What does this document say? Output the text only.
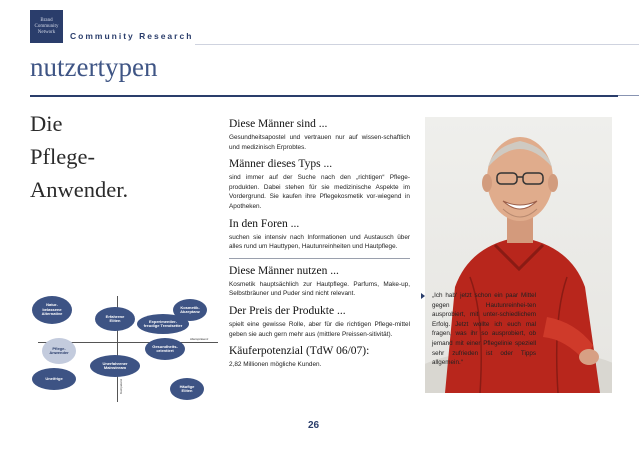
Brand
Community
Network	Community Research
nutzertypen
Die
Pflege-
Anwender.
Alterspräsenz
Kompetenz
Natur-
belassene
Alternative
Kosmetik-
Akzeptanz
Erfahrene
Eliten	Experimentier-
freudige Trendsetter
Pflege-
Anwender
Gesundheits-
orientiert
Unerfahrener
Mainstream
Uneifrige
Häufige
Eliten
Diese Männer sind ...

Gesundheitsapostel und vertrauen nur auf wissen-schaftlich und medizinisch Erprobtes.

Männer dieses Typs ...

sind immer auf der Suche nach den „richtigen“ Pflege-produkten. Dabei stehen für sie medizinische Aspekte im Vordergrund. Sie kaufen ihre Pflegekosmetik vor-wiegend in Apotheken.

In den Foren ...

suchen sie intensiv nach Informationen und Austausch über alles rund um Hauttypen, Hautunreinheiten und Hautpflege.

Diese Männer nutzen ...

Kosmetik hauptsächlich zur Hautpflege. Parfums, Make-up, Selbstbräuner und Puder sind nicht relevant.

Der Preis der Produkte ...

spielt eine gewisse Rolle, aber für die richtigen Pflege-mittel geben sie auch gern mehr aus (mittlere Preissen-sitivität).

Käuferpotenzial (TdW 06/07):

2,82 Millionen mögliche Kunden.

„Ich hab‘ jetzt schon ein paar Mittel gegen Hautunreinhei-ten ausprobiert, mit unter-schiedlichem Erfolg. Jetzt wollte ich euch mal fragen, was ihr so ausprobiert, ob jemand mit einer Pflegelinie speziell sehr zufrieden ist oder Tipps allgemein.“
26
